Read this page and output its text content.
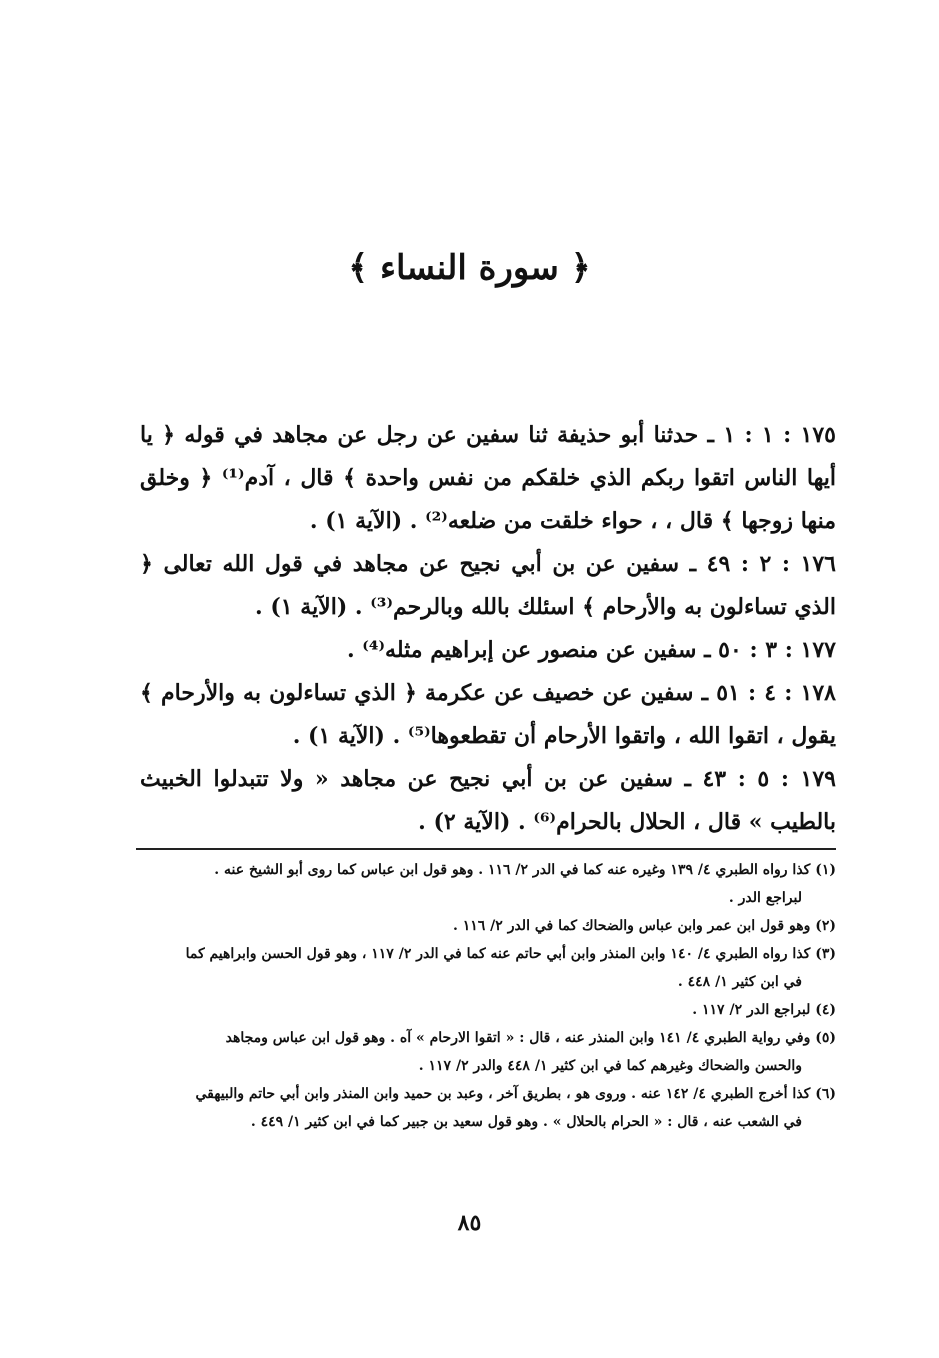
﴿ سورة النساء ﴾

١٧٥ : ١ : ١ ـ حدثنا أبو حذيفة ثنا سفين عن رجل عن مجاهد في قوله ﴿ يا أيها الناس اتقوا ربكم الذي خلقكم من نفس واحدة ﴾ قال ، آدم⁽¹⁾ ﴿ وخلق منها زوجها ﴾ قال ، ، حواء خلقت من ضلعه⁽²⁾ . (الآية ١) .

١٧٦ : ٢ : ٤٩ ـ سفين عن بن أبي نجيح عن مجاهد في قول الله تعالى ﴿ الذي تساءلون به والأرحام ﴾ اسئلك بالله وبالرحم⁽³⁾ . (الآية ١) .

١٧٧ : ٣ : ٥٠ ـ سفين عن منصور عن إبراهيم مثله⁽⁴⁾ .

١٧٨ : ٤ : ٥١ ـ سفين عن خصيف عن عكرمة ﴿ الذي تساءلون به والأرحام ﴾ يقول ، اتقوا الله ، واتقوا الأرحام أن تقطعوها⁽⁵⁾ . (الآية ١) .

١٧٩ : ٥ : ٤٣ ـ سفين عن بن أبي نجيح عن مجاهد « ولا تتبدلوا الخبيث بالطيب » قال ، الحلال بالحرام⁽⁶⁾ . (الآية ٢) .

(١) كذا رواه الطبري ٤/ ١٣٩ وغيره عنه كما في الدر ٢/ ١١٦ . وهو قول ابن عباس كما روى أبو الشيخ عنه .
لبراجع الدر .

(٢) وهو قول ابن عمر وابن عباس والضحاك كما في الدر ٢/ ١١٦ .

(٣) كذا رواه الطبري ٤/ ١٤٠ وابن المنذر وابن أبي حاتم عنه كما في الدر ٢/ ١١٧ ، وهو قول الحسن وابراهيم كما
في ابن كثير ١/ ٤٤٨ .

(٤) لبراجع الدر ٢/ ١١٧ .

(٥) وفي رواية الطبري ٤/ ١٤١ وابن المنذر عنه ، قال : « اتقوا الارحام » آه . وهو قول ابن عباس ومجاهد
والحسن والضحاك وغيرهم كما في ابن كثير ١/ ٤٤٨ والدر ٢/ ١١٧ .

(٦) كذا أخرج الطبري ٤/ ١٤٢ عنه . وروى هو ، بطريق آخر ، وعبد بن حميد وابن المنذر وابن أبي حاتم والبيهقي
في الشعب عنه ، قال : « الحرام بالحلال » . وهو قول سعيد بن جبير كما في ابن كثير ١/ ٤٤٩ .

٨٥
